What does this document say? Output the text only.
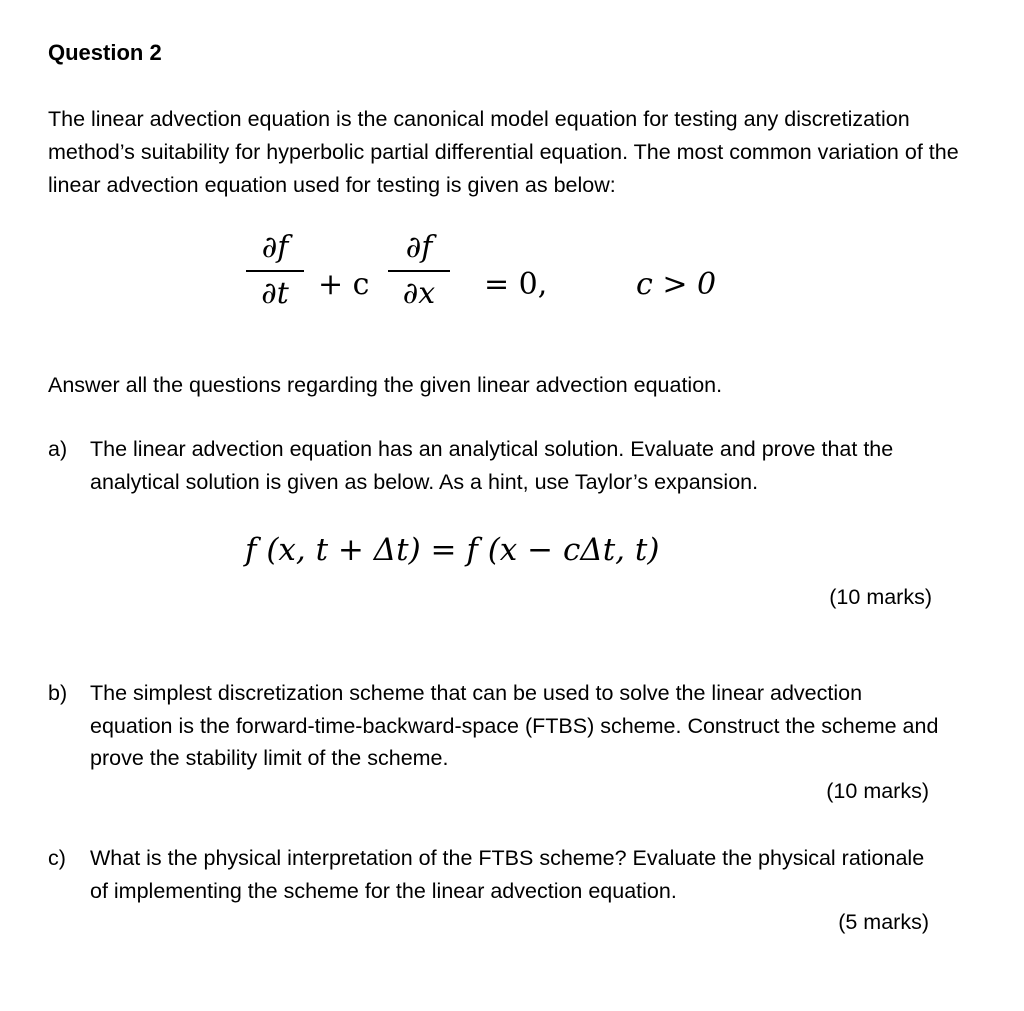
Question 2
The linear advection equation is the canonical model equation for testing any discretization method’s suitability for hyperbolic partial differential equation. The most common variation of the linear advection equation used for testing is given as below:
∂f
∂t + c
∂f
∂x	= 0,	c > 0
Answer all the questions regarding the given linear advection equation.
a) The linear advection equation has an analytical solution. Evaluate and prove that the analytical solution is given as below. As a hint, use Taylor’s expansion.
f (x, t + Δt) = f (x − cΔt, t)
(10 marks)
b) The simplest discretization scheme that can be used to solve the linear advection equation is the forward-time-backward-space (FTBS) scheme. Construct the scheme and prove the stability limit of the scheme.
(10 marks)
c) What is the physical interpretation of the FTBS scheme? Evaluate the physical rationale of implementing the scheme for the linear advection equation.
(5 marks)
